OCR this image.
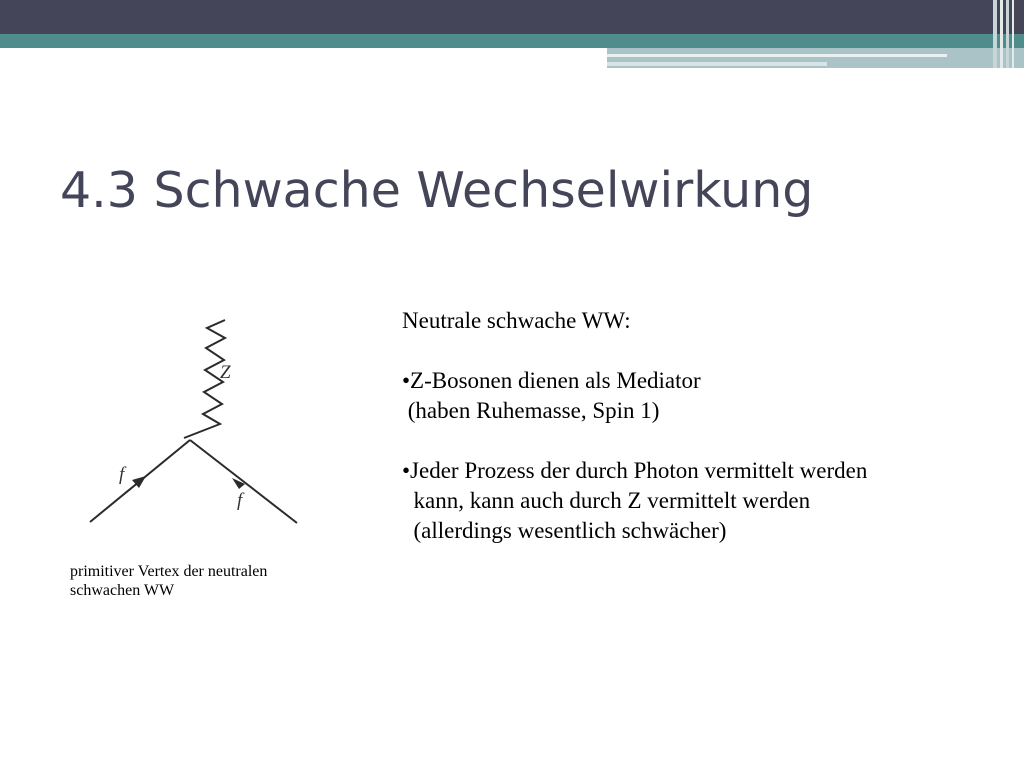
4.3 Schwache Wechselwirkung
Z
f
f
primitiver Vertex der neutralen
schwachen WW
Neutrale schwache WW:
•Z-Bosonen dienen als Mediator
(haben Ruhemasse, Spin 1)
•Jeder Prozess der durch Photon vermittelt werden
kann, kann auch durch Z vermittelt werden
(allerdings wesentlich schwächer)
